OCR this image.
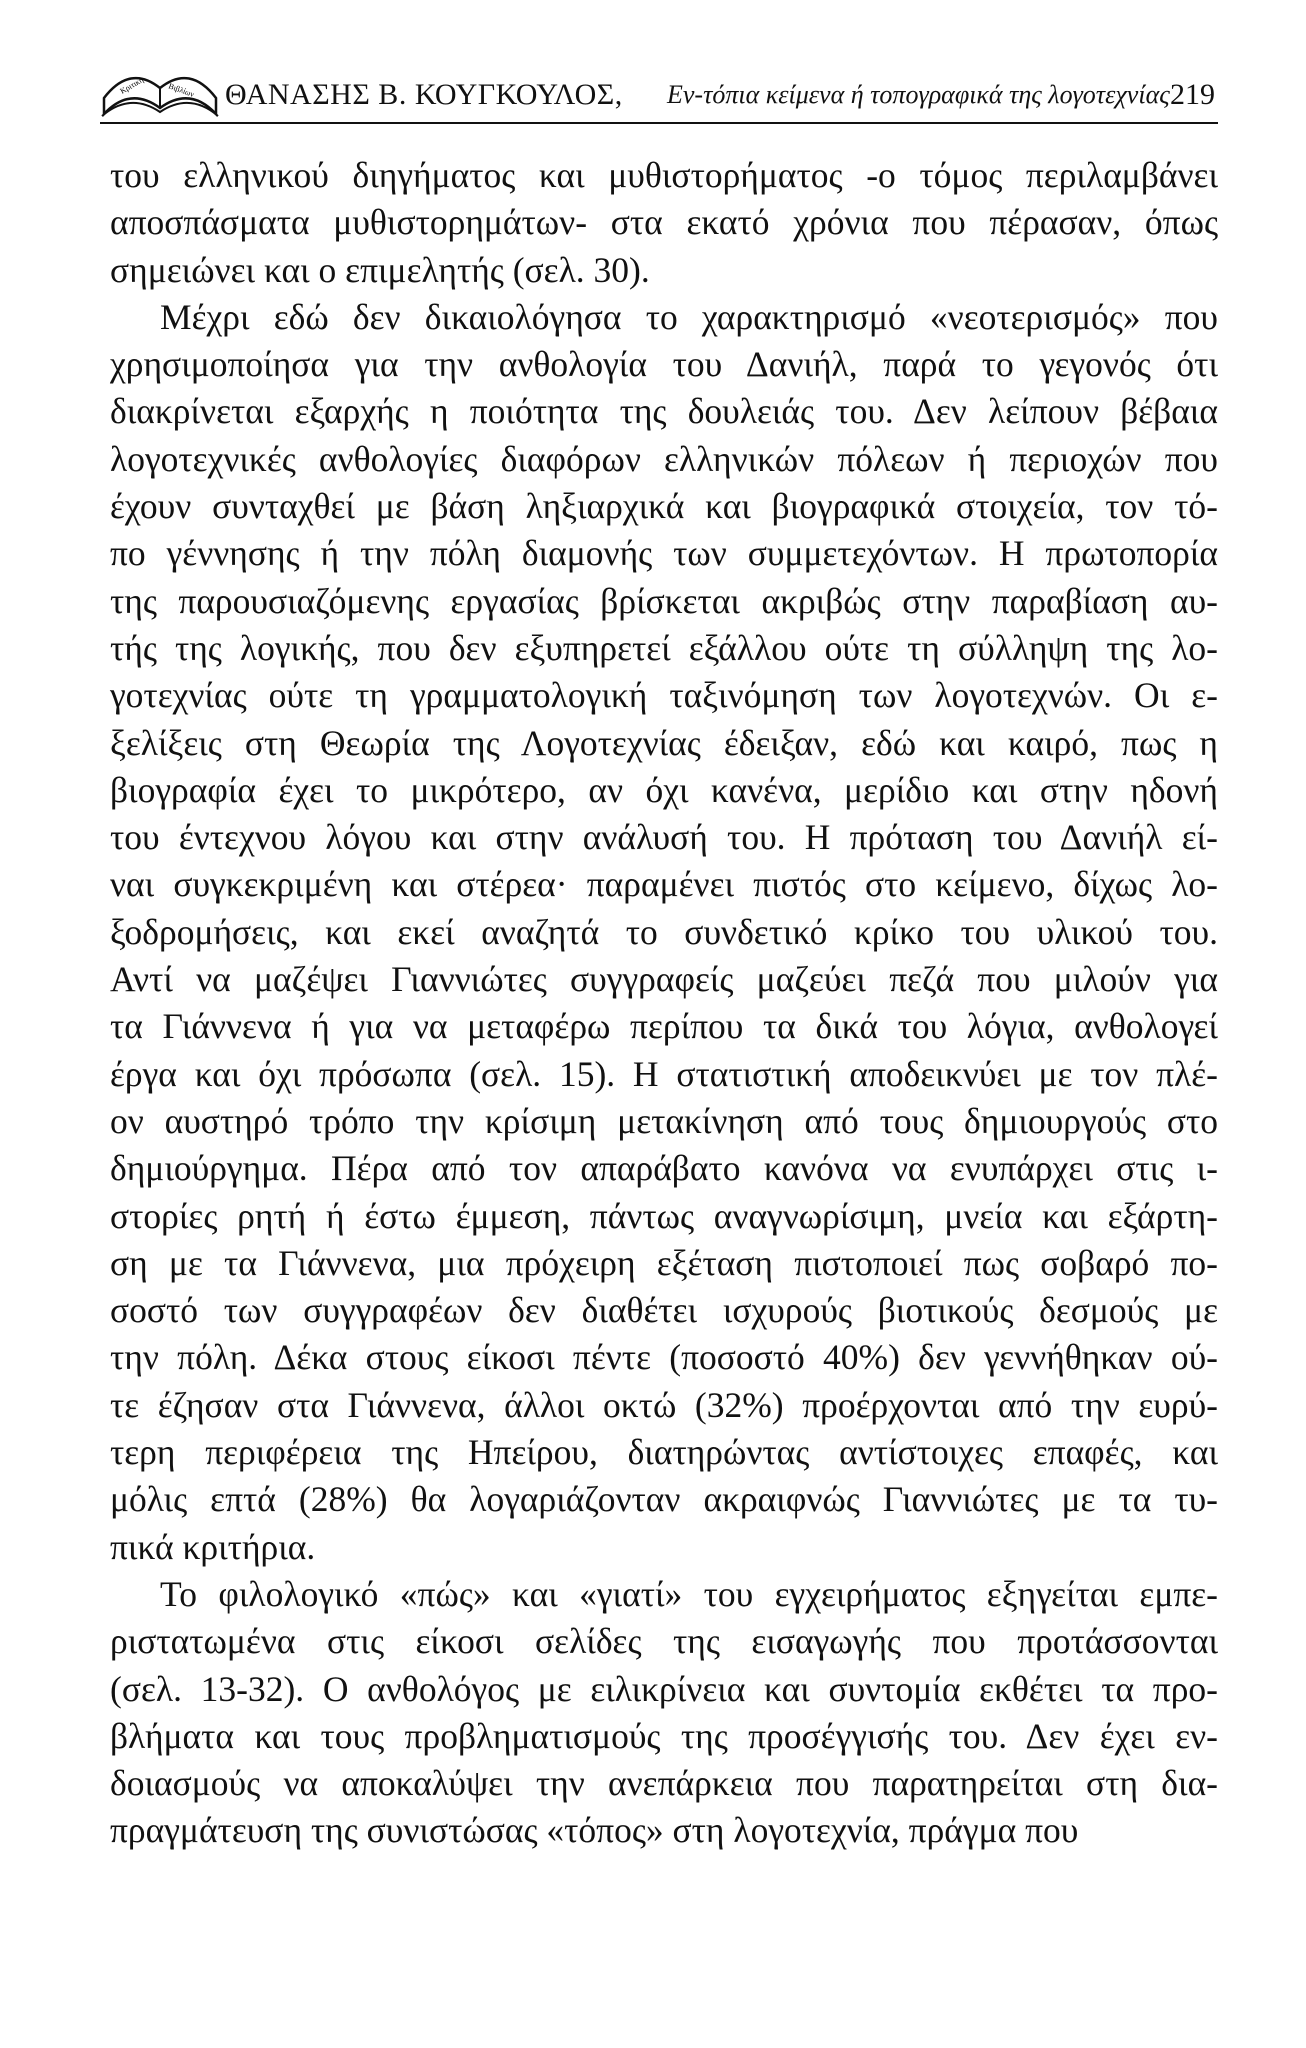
Κριτική	Βιβλίων ΘΑΝΑΣΗΣ Β. ΚΟΥΓΚΟΥΛΟΣ, Εν-τόπια κείμενα ή τοπογραφικά της λογοτεχνίας 219

του ελληνικού διηγήματος και μυθιστορήματος -ο τόμος περιλαμβάνει
αποσπάσματα μυθιστορημάτων- στα εκατό χρόνια που πέρασαν, όπως
σημειώνει και ο επιμελητής (σελ. 30).

Μέχρι εδώ δεν δικαιολόγησα το χαρακτηρισμό «νεοτερισμός» που
χρησιμοποίησα για την ανθολογία του Δανιήλ, παρά το γεγονός ότι
διακρίνεται εξαρχής η ποιότητα της δουλειάς του. Δεν λείπουν βέβαια
λογοτεχνικές ανθολογίες διαφόρων ελληνικών πόλεων ή περιοχών που
έχουν συνταχθεί με βάση ληξιαρχικά και βιογραφικά στοιχεία, τον τό-
πο γέννησης ή την πόλη διαμονής των συμμετεχόντων. Η πρωτοπορία
της παρουσιαζόμενης εργασίας βρίσκεται ακριβώς στην παραβίαση αυ-
τής της λογικής, που δεν εξυπηρετεί εξάλλου ούτε τη σύλληψη της λο-
γοτεχνίας ούτε τη γραμματολογική ταξινόμηση των λογοτεχνών. Οι ε-
ξελίξεις στη Θεωρία της Λογοτεχνίας έδειξαν, εδώ και καιρό, πως η
βιογραφία έχει το μικρότερο, αν όχι κανένα, μερίδιο και στην ηδονή
του έντεχνου λόγου και στην ανάλυσή του. Η πρόταση του Δανιήλ εί-
ναι συγκεκριμένη και στέρεα· παραμένει πιστός στο κείμενο, δίχως λο-
ξοδρομήσεις, και εκεί αναζητά το συνδετικό κρίκο του υλικού του.
Αντί να μαζέψει Γιαννιώτες συγγραφείς μαζεύει πεζά που μιλούν για
τα Γιάννενα ή για να μεταφέρω περίπου τα δικά του λόγια, ανθολογεί
έργα και όχι πρόσωπα (σελ. 15). Η στατιστική αποδεικνύει με τον πλέ-
ον αυστηρό τρόπο την κρίσιμη μετακίνηση από τους δημιουργούς στο
δημιούργημα. Πέρα από τον απαράβατο κανόνα να ενυπάρχει στις ι-
στορίες ρητή ή έστω έμμεση, πάντως αναγνωρίσιμη, μνεία και εξάρτη-
ση με τα Γιάννενα, μια πρόχειρη εξέταση πιστοποιεί πως σοβαρό πο-
σοστό των συγγραφέων δεν διαθέτει ισχυρούς βιοτικούς δεσμούς με
την πόλη. Δέκα στους είκοσι πέντε (ποσοστό 40%) δεν γεννήθηκαν ού-
τε έζησαν στα Γιάννενα, άλλοι οκτώ (32%) προέρχονται από την ευρύ-
τερη περιφέρεια της Ηπείρου, διατηρώντας αντίστοιχες επαφές, και
μόλις επτά (28%) θα λογαριάζονταν ακραιφνώς Γιαννιώτες με τα τυ-
πικά κριτήρια.

Το φιλολογικό «πώς» και «γιατί» του εγχειρήματος εξηγείται εμπε-
ριστατωμένα στις είκοσι σελίδες της εισαγωγής που προτάσσονται
(σελ. 13-32). Ο ανθολόγος με ειλικρίνεια και συντομία εκθέτει τα προ-
βλήματα και τους προβληματισμούς της προσέγγισής του. Δεν έχει εν-
δοιασμούς να αποκαλύψει την ανεπάρκεια που παρατηρείται στη δια-
πραγμάτευση της συνιστώσας «τόπος» στη λογοτεχνία, πράγμα που
